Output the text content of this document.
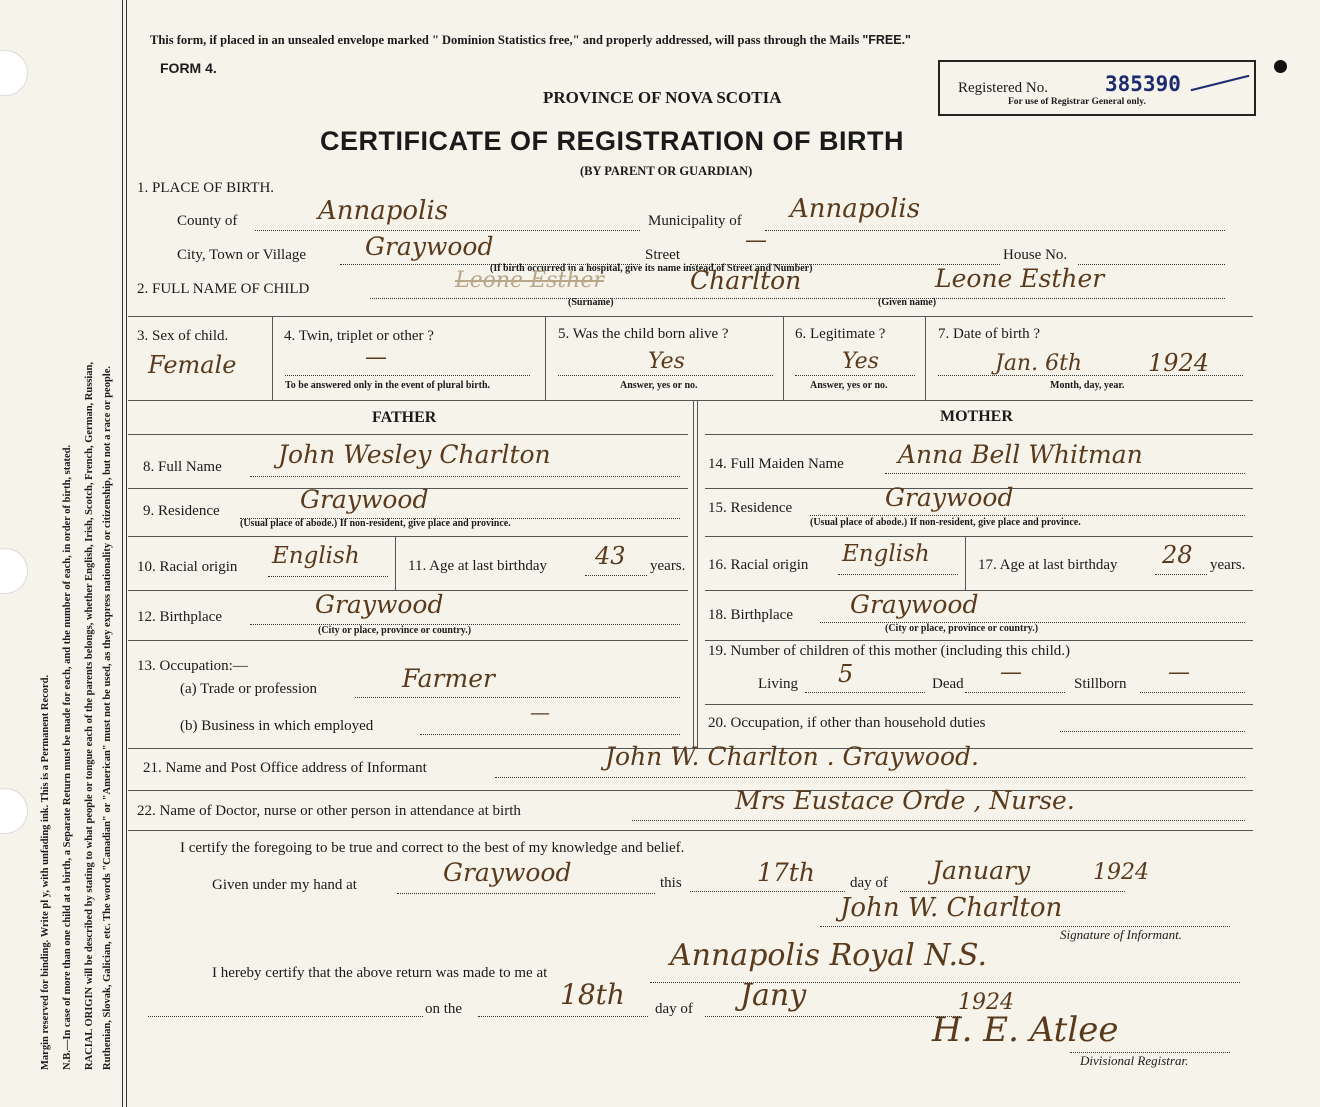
Margin reserved for binding. Write pl y, with unfading ink. This is a Permanent Record. N.B.—In case of more than one child at a birth, a Separate Return must be made for each, and the number of each, in order of birth, stated. RACIAL ORIGIN will be described by stating to what people or tongue each of the parents belongs, whether English, Irish, Scotch, French, German, Russian, Ruthenian, Slovak, Galician, etc. The words "Canadian" or "American" must not be used, as they express nationality or citizenship, but not a race or people.
This form, if placed in an unsealed envelope marked " Dominion Statistics free," and properly addressed, will pass through the Mails "FREE."
FORM 4.
PROVINCE OF NOVA SCOTIA
CERTIFICATE OF REGISTRATION OF BIRTH
(BY PARENT OR GUARDIAN)
Registered No.	385390
For use of Registrar General only.
1. PLACE OF BIRTH.
County of	Annapolis	Municipality of Annapolis
City, Town or Village Graywood	Street
—
House No.
(If birth occurred in a hospital, give its name instead of Street and Number)
2. FULL NAME OF CHILD	Leone Esther	Charlton	Leone Esther
(Surname)	(Given name)
3. Sex of child.
Female
4. Twin, triplet or other ?
—
To be answered only in the event of plural birth.
5. Was the child born alive ?
Yes
Answer, yes or no.
6. Legitimate ?
Yes
Answer, yes or no.
7. Date of birth ?
Jan. 6th	1924
Month, day, year.
FATHER	MOTHER
8. Full Name John Wesley Charlton	14. Full Maiden Name Anna Bell Whitman
9. Residence	Graywood
(Usual place of abode.) If non-resident, give place and province.
15. Residence	Graywood
(Usual place of abode.) If non-resident, give place and province.
10. Racial origin English	11. Age at last birthday 43 years. 16. Racial origin English	17. Age at last birthday 28 years.
12. Birthplace	Graywood
(City or place, province or country.)
18. Birthplace Graywood
(City or place, province or country.)
13. Occupation:—
(a) Trade or profession	Farmer
(b) Business in which employed
—
19. Number of children of this mother (including this child.)
Living 5	Dead —	Stillborn —
20. Occupation, if other than household duties
21. Name and Post Office address of Informant	John W. Charlton . Graywood.
22. Name of Doctor, nurse or other person in attendance at birth	Mrs Eustace Orde , Nurse.
I certify the foregoing to be true and correct to the best of my knowledge and belief.
Given under my hand at	Graywood	this	17th day of January	1924
John W. Charlton
Signature of Informant.
I hereby certify that the above return was made to me at	Annapolis Royal N.S.
on the	18th day of Jany	1924
H. E. Atlee
Divisional Registrar.
